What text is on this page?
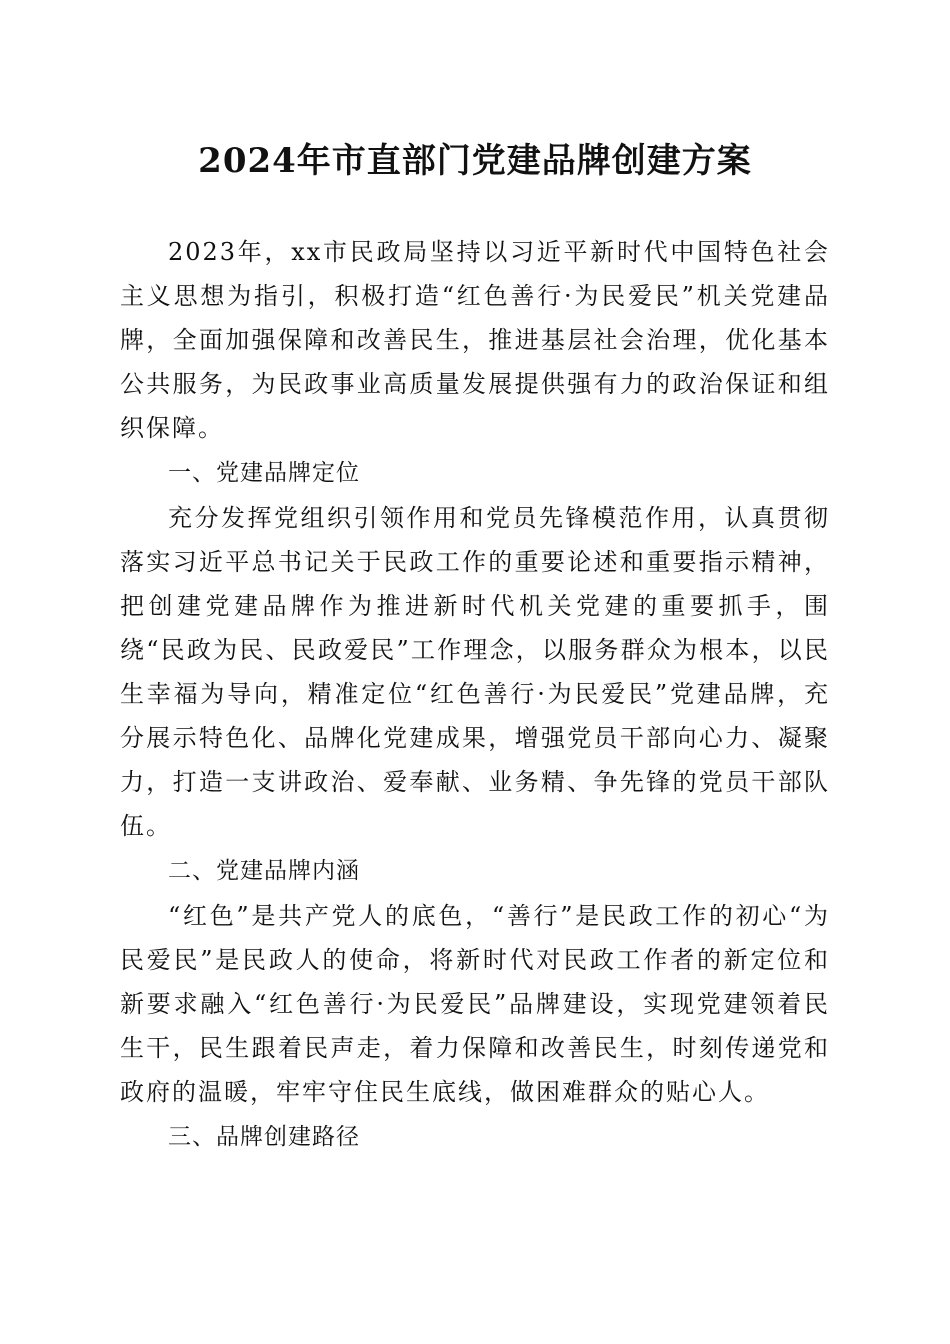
2024年市直部门党建品牌创建方案

2023年，xx市民政局坚持以习近平新时代中国特色社会主义思想为指引，积极打造“红色善行·为民爱民”机关党建品牌，全面加强保障和改善民生，推进基层社会治理，优化基本公共服务，为民政事业高质量发展提供强有力的政治保证和组织保障。

一、党建品牌定位

充分发挥党组织引领作用和党员先锋模范作用，认真贯彻落实习近平总书记关于民政工作的重要论述和重要指示精神，把创建党建品牌作为推进新时代机关党建的重要抓手，围绕“民政为民、民政爱民”工作理念，以服务群众为根本，以民生幸福为导向，精准定位“红色善行·为民爱民”党建品牌，充分展示特色化、品牌化党建成果，增强党员干部向心力、凝聚力，打造一支讲政治、爱奉献、业务精、争先锋的党员干部队伍。

二、党建品牌内涵

“红色”是共产党人的底色，“善行”是民政工作的初心“为民爱民”是民政人的使命，将新时代对民政工作者的新定位和新要求融入“红色善行·为民爱民”品牌建设，实现党建领着民生干，民生跟着民声走，着力保障和改善民生，时刻传递党和政府的温暖，牢牢守住民生底线，做困难群众的贴心人。

三、品牌创建路径
